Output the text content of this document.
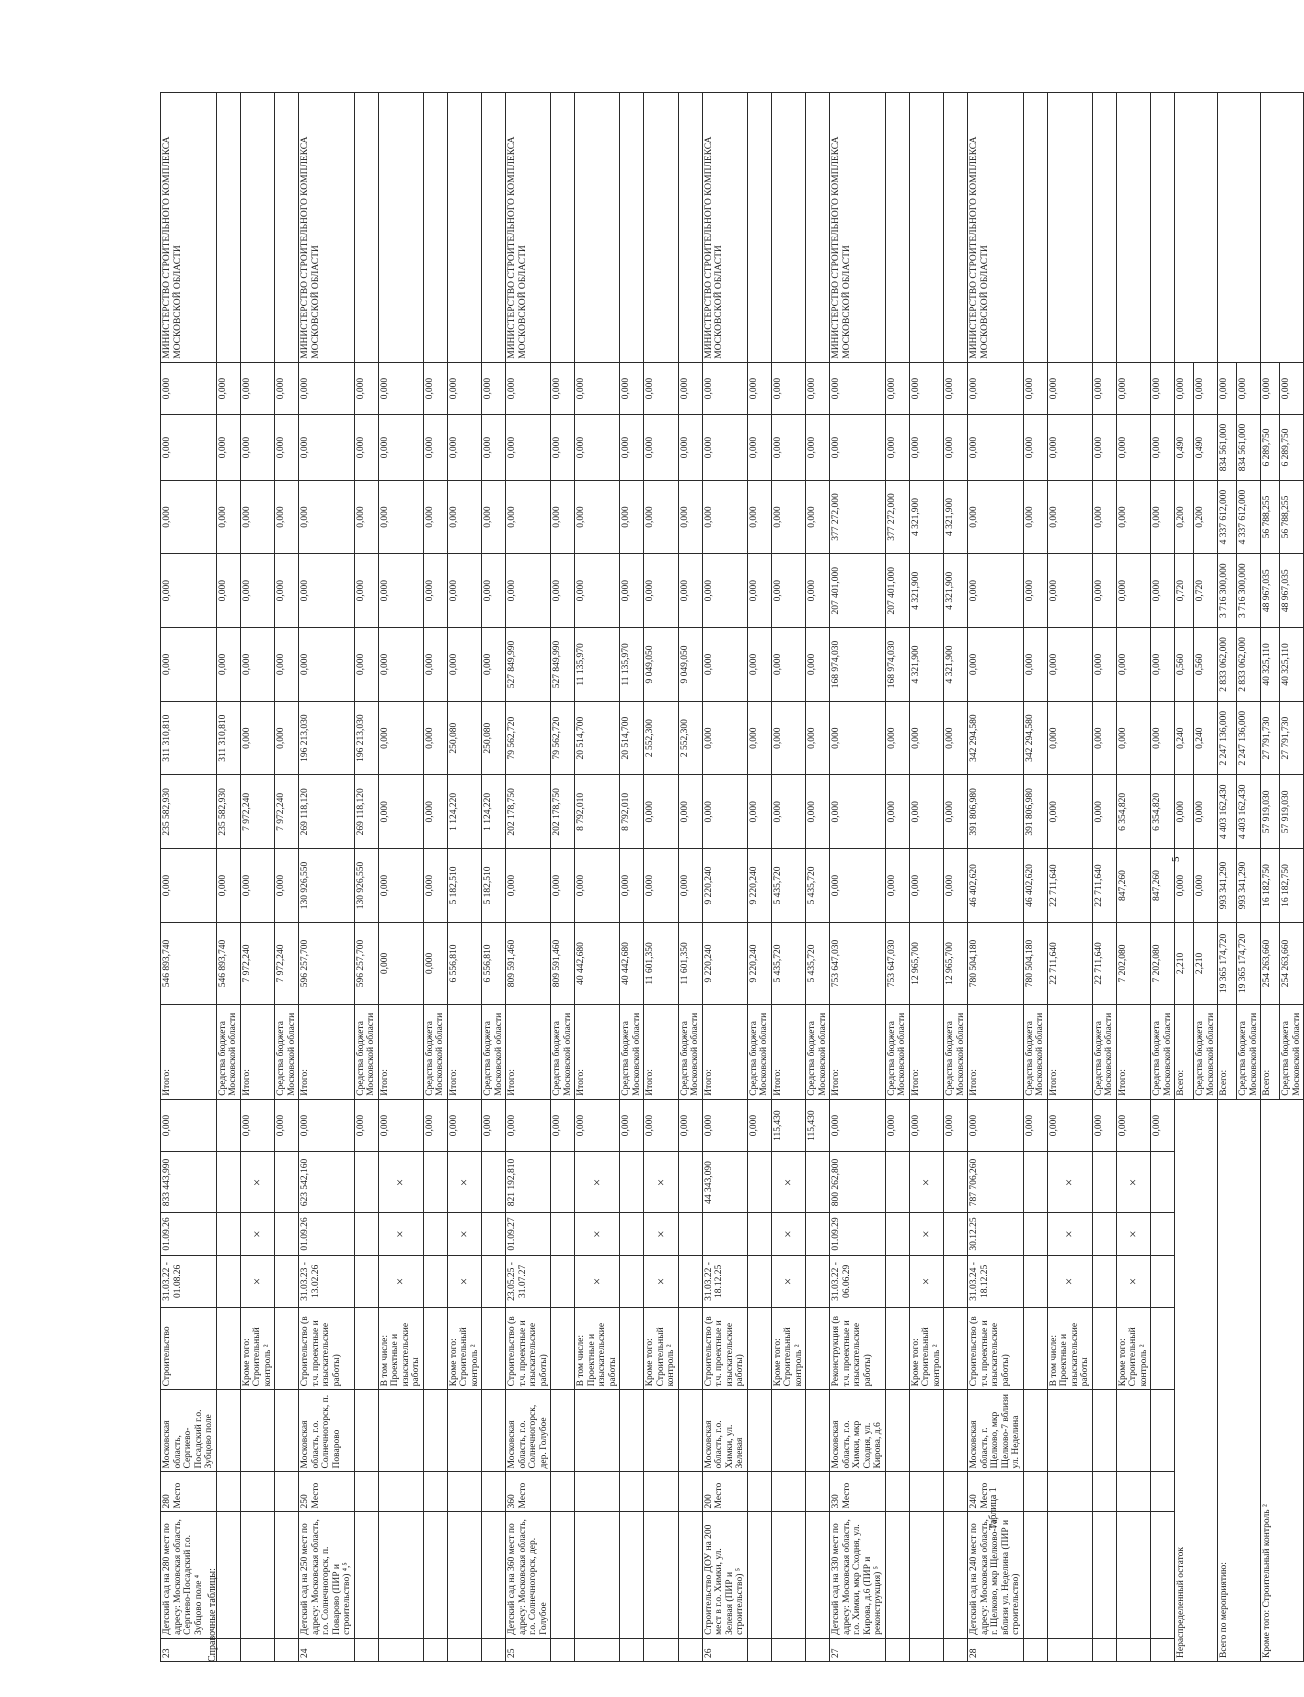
23	Детский сад на 280 мест по адресу: Московская область, Сергиево-Посадский г.о. Зубцово поле ⁴	280 Место	Московская область, Сергиево-Посадский г.о. Зубцово поле	Строительство	31.03.22 - 01.08.26	01.09.26	833 443,990	0,000	Итого:	546 893,740	0,000	235 582,930	311 310,810	0,000	0,000	0,000	0,000	0,000	МИНИСТЕРСТВО СТРОИТЕЛЬНОГО КОМПЛЕКСА МОСКОВСКОЙ ОБЛАСТИ
									Средства бюджета Московской области	546 893,740	0,000	235 582,930	311 310,810	0,000	0,000	0,000	0,000	0,000	
				Кроме того: Строительный контроль ²	×	×	×	0,000	Итого:	7 972,240	0,000	7 972,240	0,000	0,000	0,000	0,000	0,000	0,000	
								0,000	Средства бюджета Московской области	7 972,240	0,000	7 972,240	0,000	0,000	0,000	0,000	0,000	0,000	
24	Детский сад на 250 мест по адресу: Московская область, г.о. Солнечногорск, п. Поварово (ПИР и строительство) ⁴,⁵	250 Место	Московская область, г.о. Солнечногорск, п. Поварово	Строительство (в т.ч. проектные и изыскательские работы)	31.03.23 - 13.02.26	01.09.26	623 542,160	0,000	Итого:	596 257,700	130 926,550	269 118,120	196 213,030	0,000	0,000	0,000	0,000	0,000	МИНИСТЕРСТВО СТРОИТЕЛЬНОГО КОМПЛЕКСА МОСКОВСКОЙ ОБЛАСТИ
								0,000	Средства бюджета Московской области	596 257,700	130 926,550	269 118,120	196 213,030	0,000	0,000	0,000	0,000	0,000	
				В том числе: Проектные и изыскательские работы	×	×	×	0,000	Итого:	0,000	0,000	0,000	0,000	0,000	0,000	0,000	0,000	0,000	
								0,000	Средства бюджета Московской области	0,000	0,000	0,000	0,000	0,000	0,000	0,000	0,000	0,000	
				Кроме того: Строительный контроль ²	×	×	×	0,000	Итого:	6 556,810	5 182,510	1 124,220	250,080	0,000	0,000	0,000	0,000	0,000	
								0,000	Средства бюджета Московской области	6 556,810	5 182,510	1 124,220	250,080	0,000	0,000	0,000	0,000	0,000	
25	Детский сад на 360 мест по адресу: Московская область, г.о. Солнечногорск, дер. Голубое	360 Место	Московская область, г.о. Солнечногорск, дер. Голубое	Строительство (в т.ч. проектные и изыскательские работы)	23.05.25 - 31.07.27	01.09.27	821 192,810	0,000	Итого:	809 591,460	0,000	202 178,750	79 562,720	527 849,990	0,000	0,000	0,000	0,000	МИНИСТЕРСТВО СТРОИТЕЛЬНОГО КОМПЛЕКСА МОСКОВСКОЙ ОБЛАСТИ
								0,000	Средства бюджета Московской области	809 591,460	0,000	202 178,750	79 562,720	527 849,990	0,000	0,000	0,000	0,000	
				В том числе: Проектные и изыскательские работы	×	×	×	0,000	Итого:	40 442,680	0,000	8 792,010	20 514,700	11 135,970	0,000	0,000	0,000	0,000	
								0,000	Средства бюджета Московской области	40 442,680	0,000	8 792,010	20 514,700	11 135,970	0,000	0,000	0,000	0,000	
				Кроме того: Строительный контроль ²	×	×	×	0,000	Итого:	11 601,350	0,000	0,000	2 552,300	9 049,050	0,000	0,000	0,000	0,000	
								0,000	Средства бюджета Московской области	11 601,350	0,000	0,000	2 552,300	9 049,050	0,000	0,000	0,000	0,000	
26	Строительство ДОУ на 200 мест в г.о. Химки, ул. Зелевая (ПИР и строительство) ⁵	200 Место	Московская область, г.о. Химки, ул. Зелевая	Строительство (в т.ч. проектные и изыскательские работы)	31.03.22 - 18.12.25		44 343,090	0,000	Итого:	9 220,240	9 220,240	0,000	0,000	0,000	0,000	0,000	0,000	0,000	МИНИСТЕРСТВО СТРОИТЕЛЬНОГО КОМПЛЕКСА МОСКОВСКОЙ ОБЛАСТИ
								0,000	Средства бюджета Московской области	9 220,240	9 220,240	0,000	0,000	0,000	0,000	0,000	0,000	0,000	
				Кроме того: Строительный контроль ²	×	×	×	115,430	Итого:	5 435,720	5 435,720	0,000	0,000	0,000	0,000	0,000	0,000	0,000	
								115,430	Средства бюджета Московской области	5 435,720	5 435,720	0,000	0,000	0,000	0,000	0,000	0,000	0,000	
27	Детский сад на 330 мест по адресу: Московская область, г.о. Химки, мкр Сходня, ул. Кирова, д.6 (ПИР и реконструкция) ⁵	330 Место	Московская область, г.о. Химки, мкр Сходня, ул. Кирова, д.6	Реконструкция (в т.ч. проектные и изыскательские работы)	31.03.22 - 06.06.29	01.09.29	800 262,800	0,000	Итого:	753 647,030	0,000	0,000	0,000	168 974,030	207 401,000	377 272,000	0,000	0,000	МИНИСТЕРСТВО СТРОИТЕЛЬНОГО КОМПЛЕКСА МОСКОВСКОЙ ОБЛАСТИ
								0,000	Средства бюджета Московской области	753 647,030	0,000	0,000	0,000	168 974,030	207 401,000	377 272,000	0,000	0,000	
				Кроме того: Строительный контроль ²	×	×	×	0,000	Итого:	12 965,700	0,000	0,000	0,000	4 321,900	4 321,900	4 321,900	0,000	0,000	
								0,000	Средства бюджета Московской области	12 965,700	0,000	0,000	0,000	4 321,900	4 321,900	4 321,900	0,000	0,000	
28	Детский сад на 240 мест по адресу: Московская область, г. Щелково, мкр Щелково-7а, вблизи ул. Неделина (ПИР и строительство)	240 Место	Московская область, г. Щелково, мкр Щелково-7 вблизи ул. Неделина	Строительство (в т.ч. проектные и изыскательские работы)	31.03.24 - 18.12.25	30.12.25	787 706,260	0,000	Итого:	780 504,180	46 402,620	391 806,980	342 294,580	0,000	0,000	0,000	0,000	0,000	МИНИСТЕРСТВО СТРОИТЕЛЬНОГО КОМПЛЕКСА МОСКОВСКОЙ ОБЛАСТИ
								0,000	Средства бюджета Московской области	780 504,180	46 402,620	391 806,980	342 294,580	0,000	0,000	0,000	0,000	0,000	
				В том числе: Проектные и изыскательские работы	×	×	×	0,000	Итого:	22 711,640	22 711,640	0,000	0,000	0,000	0,000	0,000	0,000	0,000	
								0,000	Средства бюджета Московской области	22 711,640	22 711,640	0,000	0,000	0,000	0,000	0,000	0,000	0,000	
				Кроме того: Строительный контроль ²	×	×	×	0,000	Итого:	7 202,080	847,260	6 354,820	0,000	0,000	0,000	0,000	0,000	0,000	
								0,000	Средства бюджета Московской области	7 202,080	847,260	6 354,820	0,000	0,000	0,000	0,000	0,000	0,000	
Нераспределенный остаток									Всего:	2,210	0,000	0,000	0,240	0,560	0,720	0,200	0,490	0,000	
									Средства бюджета Московской области	2,210	0,000	0,000	0,240	0,560	0,720	0,200	0,490	0,000	
Всего по мероприятию:									Всего:	19 365 174,720	993 341,290	4 403 162,430	2 247 136,000	2 833 062,000	3 716 300,000	4 337 612,000	834 561,000	0,000	
									Средства бюджета Московской области	19 365 174,720	993 341,290	4 403 162,430	2 247 136,000	2 833 062,000	3 716 300,000	4 337 612,000	834 561,000	0,000	
Кроме того: Строительный контроль ²									Всего:	254 263,660	16 182,750	57 919,030	27 791,730	40 325,110	48 967,035	56 788,255	6 289,750	0,000	
									Средства бюджета Московской области	254 263,660	16 182,750	57 919,030	27 791,730	40 325,110	48 967,035	56 788,255	6 289,750	0,000	
Справочные таблицы:
Таблица 1
5
